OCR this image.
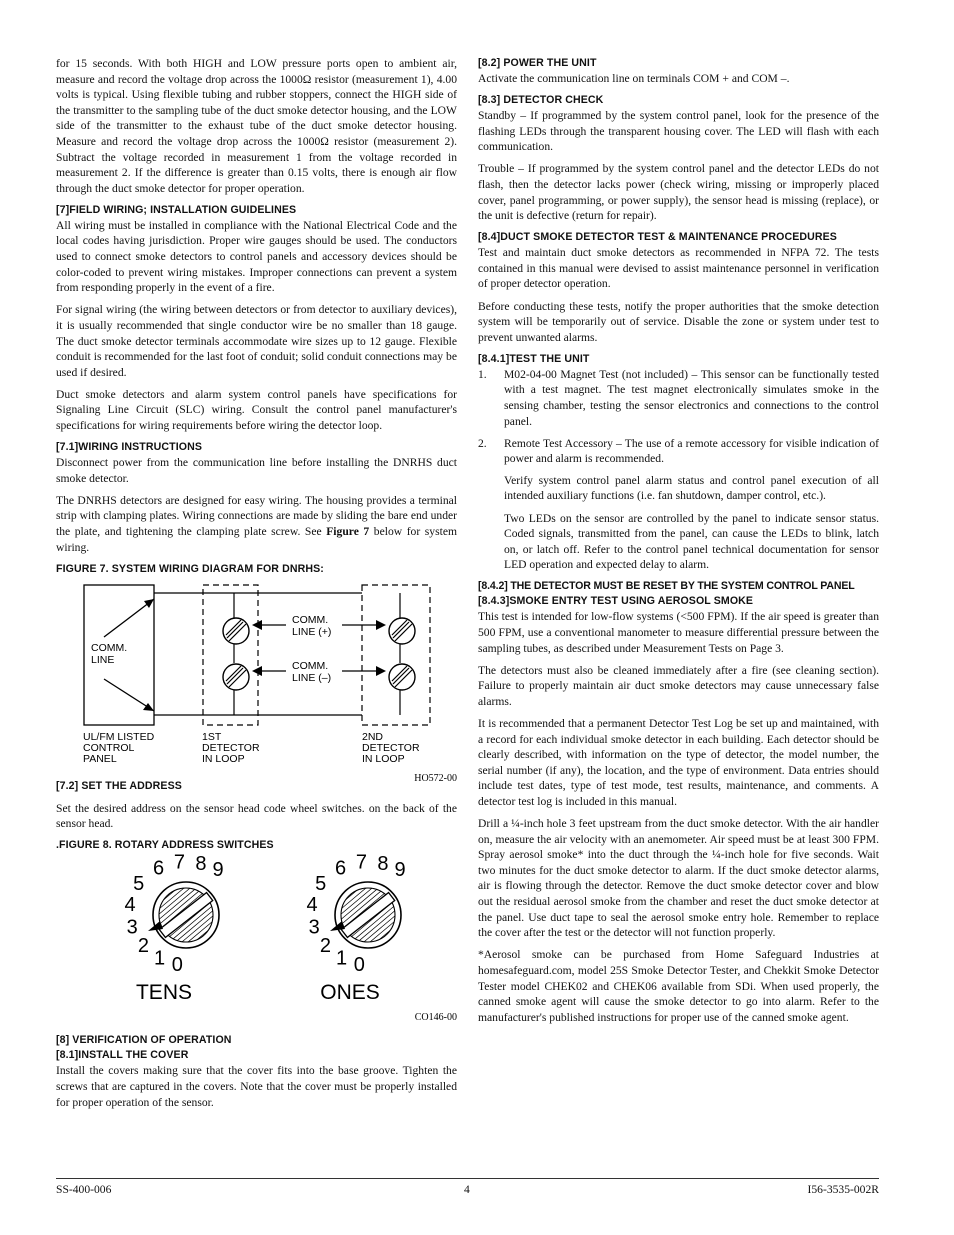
for 15 seconds. With both HIGH and LOW pressure ports open to ambient air, measure and record the voltage drop across the 1000Ω resistor (measurement 1), 4.00 volts is typical. Using flexible tubing and rubber stoppers, connect the HIGH side of the transmitter to the sampling tube of the duct smoke detector housing, and the LOW side of the transmitter to the exhaust tube of the duct smoke detector housing. Measure and record the voltage drop across the 1000Ω resistor (measurement 2). Subtract the voltage recorded in measurement 1 from the voltage recorded in measurement 2. If the difference is greater than 0.15 volts, there is enough air flow through the duct smoke detector for proper operation.

[7]FIELD WIRING; INSTALLATION GUIDELINES

All wiring must be installed in compliance with the National Electrical Code and the local codes having jurisdiction. Proper wire gauges should be used. The conductors used to connect smoke detectors to control panels and accessory devices should be color-coded to prevent wiring mistakes. Improper connections can prevent a system from responding properly in the event of a fire.

For signal wiring (the wiring between detectors or from detector to auxiliary devices), it is usually recommended that single conductor wire be no smaller than 18 gauge. The duct smoke detector terminals accommodate wire sizes up to 12 gauge. Flexible conduit is recommended for the last foot of conduit; solid conduit connections may be used if desired.

Duct smoke detectors and alarm system control panels have specifications for Signaling Line Circuit (SLC) wiring. Consult the control panel manufacturer's specifications for wiring requirements before wiring the detector loop.

[7.1]WIRING INSTRUCTIONS

Disconnect power from the communication line before installing the DNRHS duct smoke detector.

The DNRHS detectors are designed for easy wiring. The housing provides a terminal strip with clamping plates. Wiring connections are made by sliding the bare end under the plate, and tightening the clamping plate screw. See Figure 7 below for system wiring.

FIGURE 7. SYSTEM WIRING DIAGRAM FOR DNRHS:
COMM.
LINE
COMM.
LINE (+)
COMM.
LINE (–)
UL/FM LISTED
CONTROL
PANEL
1ST
DETECTOR
IN LOOP
2ND
DETECTOR
IN LOOP
HO572-00
[7.2] SET THE ADDRESS

Set the desired address on the sensor head code wheel switches. on the back of the sensor head.

.FIGURE 8. ROTARY ADDRESS SWITCHES
0
1
2
3
4
5
6 7 8 9
0
1
2
3
4
5
6 7 8 9
TENS	ONES
CO146-00
[8] VERIFICATION OF OPERATION
[8.1]INSTALL THE COVER

Install the covers making sure that the cover fits into the base groove. Tighten the screws that are captured in the covers. Note that the cover must be properly installed for proper operation of the sensor.

[8.2] POWER THE UNIT

Activate the communication line on terminals COM + and COM –.

[8.3] DETECTOR CHECK

Standby – If programmed by the system control panel, look for the presence of the flashing LEDs through the transparent housing cover. The LED will flash with each communication.

Trouble – If programmed by the system control panel and the detector LEDs do not flash, then the detector lacks power (check wiring, missing or improperly placed cover, panel programming, or power supply), the sensor head is missing (replace), or the unit is defective (return for repair).

[8.4]DUCT SMOKE DETECTOR TEST & MAINTENANCE PROCEDURES

Test and maintain duct smoke detectors as recommended in NFPA 72. The tests contained in this manual were devised to assist maintenance personnel in verification of proper detector operation.

Before conducting these tests, notify the proper authorities that the smoke detection system will be temporarily out of service. Disable the zone or system under test to prevent unwanted alarms.

[8.4.1]TEST THE UNIT
1. M02-04-00 Magnet Test (not included) – This sensor can be functionally tested with a test magnet. The test magnet electronically simulates smoke in the sensing chamber, testing the sensor electronics and connections to the control panel.
2. Remote Test Accessory – The use of a remote accessory for visible indication of power and alarm is recommended.

Verify system control panel alarm status and control panel execution of all intended auxiliary functions (i.e. fan shutdown, damper control, etc.).

Two LEDs on the sensor are controlled by the panel to indicate sensor status. Coded signals, transmitted from the panel, can cause the LEDs to blink, latch on, or latch off. Refer to the control panel technical documentation for sensor LED operation and expected delay to alarm.

[8.4.2] THE DETECTOR MUST BE RESET BY THE SYSTEM CONTROL PANEL
[8.4.3]SMOKE ENTRY TEST USING AEROSOL SMOKE

This test is intended for low-flow systems (<500 FPM). If the air speed is greater than 500 FPM, use a conventional manometer to measure differential pressure between the sampling tubes, as described under Measurement Tests on Page 3.

The detectors must also be cleaned immediately after a fire (see cleaning section). Failure to properly maintain air duct smoke detectors may cause unnecessary false alarms.

It is recommended that a permanent Detector Test Log be set up and maintained, with a record for each individual smoke detector in each building. Each detector should be clearly described, with information on the type of detector, the model number, the serial number (if any), the location, and the type of environment. Data entries should include test dates, type of test mode, test results, maintenance, and comments. A detector test log is included in this manual.

Drill a ¼-inch hole 3 feet upstream from the duct smoke detector. With the air handler on, measure the air velocity with an anemometer. Air speed must be at least 300 FPM. Spray aerosol smoke* into the duct through the ¼-inch hole for five seconds. Wait two minutes for the duct smoke detector to alarm. If the duct smoke detector alarms, air is flowing through the detector. Remove the duct smoke detector cover and blow out the residual aerosol smoke from the chamber and reset the duct smoke detector at the panel. Use duct tape to seal the aerosol smoke entry hole. Remember to replace the cover after the test or the detector will not function properly.

*Aerosol smoke can be purchased from Home Safeguard Industries at homesafeguard.com, model 25S Smoke Detector Tester, and Chekkit Smoke Detector Tester model CHEK02 and CHEK06 available from SDi. When used properly, the canned smoke agent will cause the smoke detector to go into alarm. Refer to the manufacturer's published instructions for proper use of the canned smoke agent.

SS-400-006	4	I56-3535-002R
